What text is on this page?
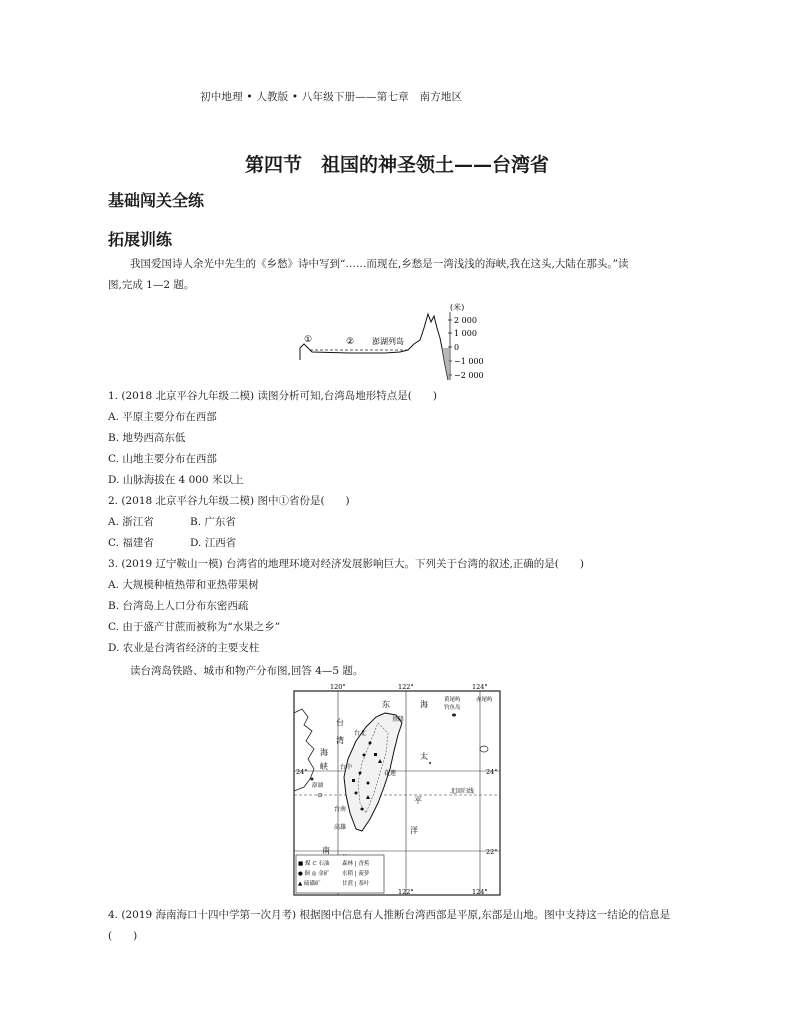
初中地理 • 人教版 • 八年级下册——第七章　南方地区
第四节　祖国的神圣领土——台湾省
基础闯关全练
拓展训练
我国爱国诗人余光中先生的《乡愁》诗中写到“……而现在,乡愁是一湾浅浅的海峡,我在这头,大陆在那头。”读
图,完成 1—2 题。
(米)
2 000
1 000
0
−1 000
−2 000
①	② 澎湖列岛
1. (2018 北京平谷九年级二模) 读图分析可知,台湾岛地形特点是(　　)
A. 平原主要分布在西部
B. 地势西高东低
C. 山地主要分布在西部
D. 山脉海拔在 4 000 米以上
2. (2018 北京平谷九年级二模) 图中①省份是(　　)
A. 浙江省	B. 广东省
C. 福建省	D. 江西省
3. (2019 辽宁鞍山一模) 台湾省的地理环境对经济发展影响巨大。下列关于台湾的叙述,正确的是(　　)
A. 大规模种植热带和亚热带果树
B. 台湾岛上人口分布东密西疏
C. 由于盛产甘蔗而被称为“水果之乡”
D. 农业是台湾省经济的主要支柱
读台湾岛铁路、城市和物产分布图,回答 4—5 题。
120°	122°	124°
122°	124°
24°	24°
22°
东	海
台
湾
海
峡
太
平
洋
南
黄尾屿
钓鱼岛
赤尾屿
基隆
台北
台中
花莲
台南
高雄
澎湖
北回归线
■ 煤 ⊂ 石油
● 铜 ◎ 金矿
▲ 硫磺矿
森林 | 香蕉
水稻 | 菠萝
甘蔗 | 茶叶
4. (2019 海南海口十四中学第一次月考) 根据图中信息有人推断台湾西部是平原,东部是山地。图中支持这一结论的信息是
(　　)
